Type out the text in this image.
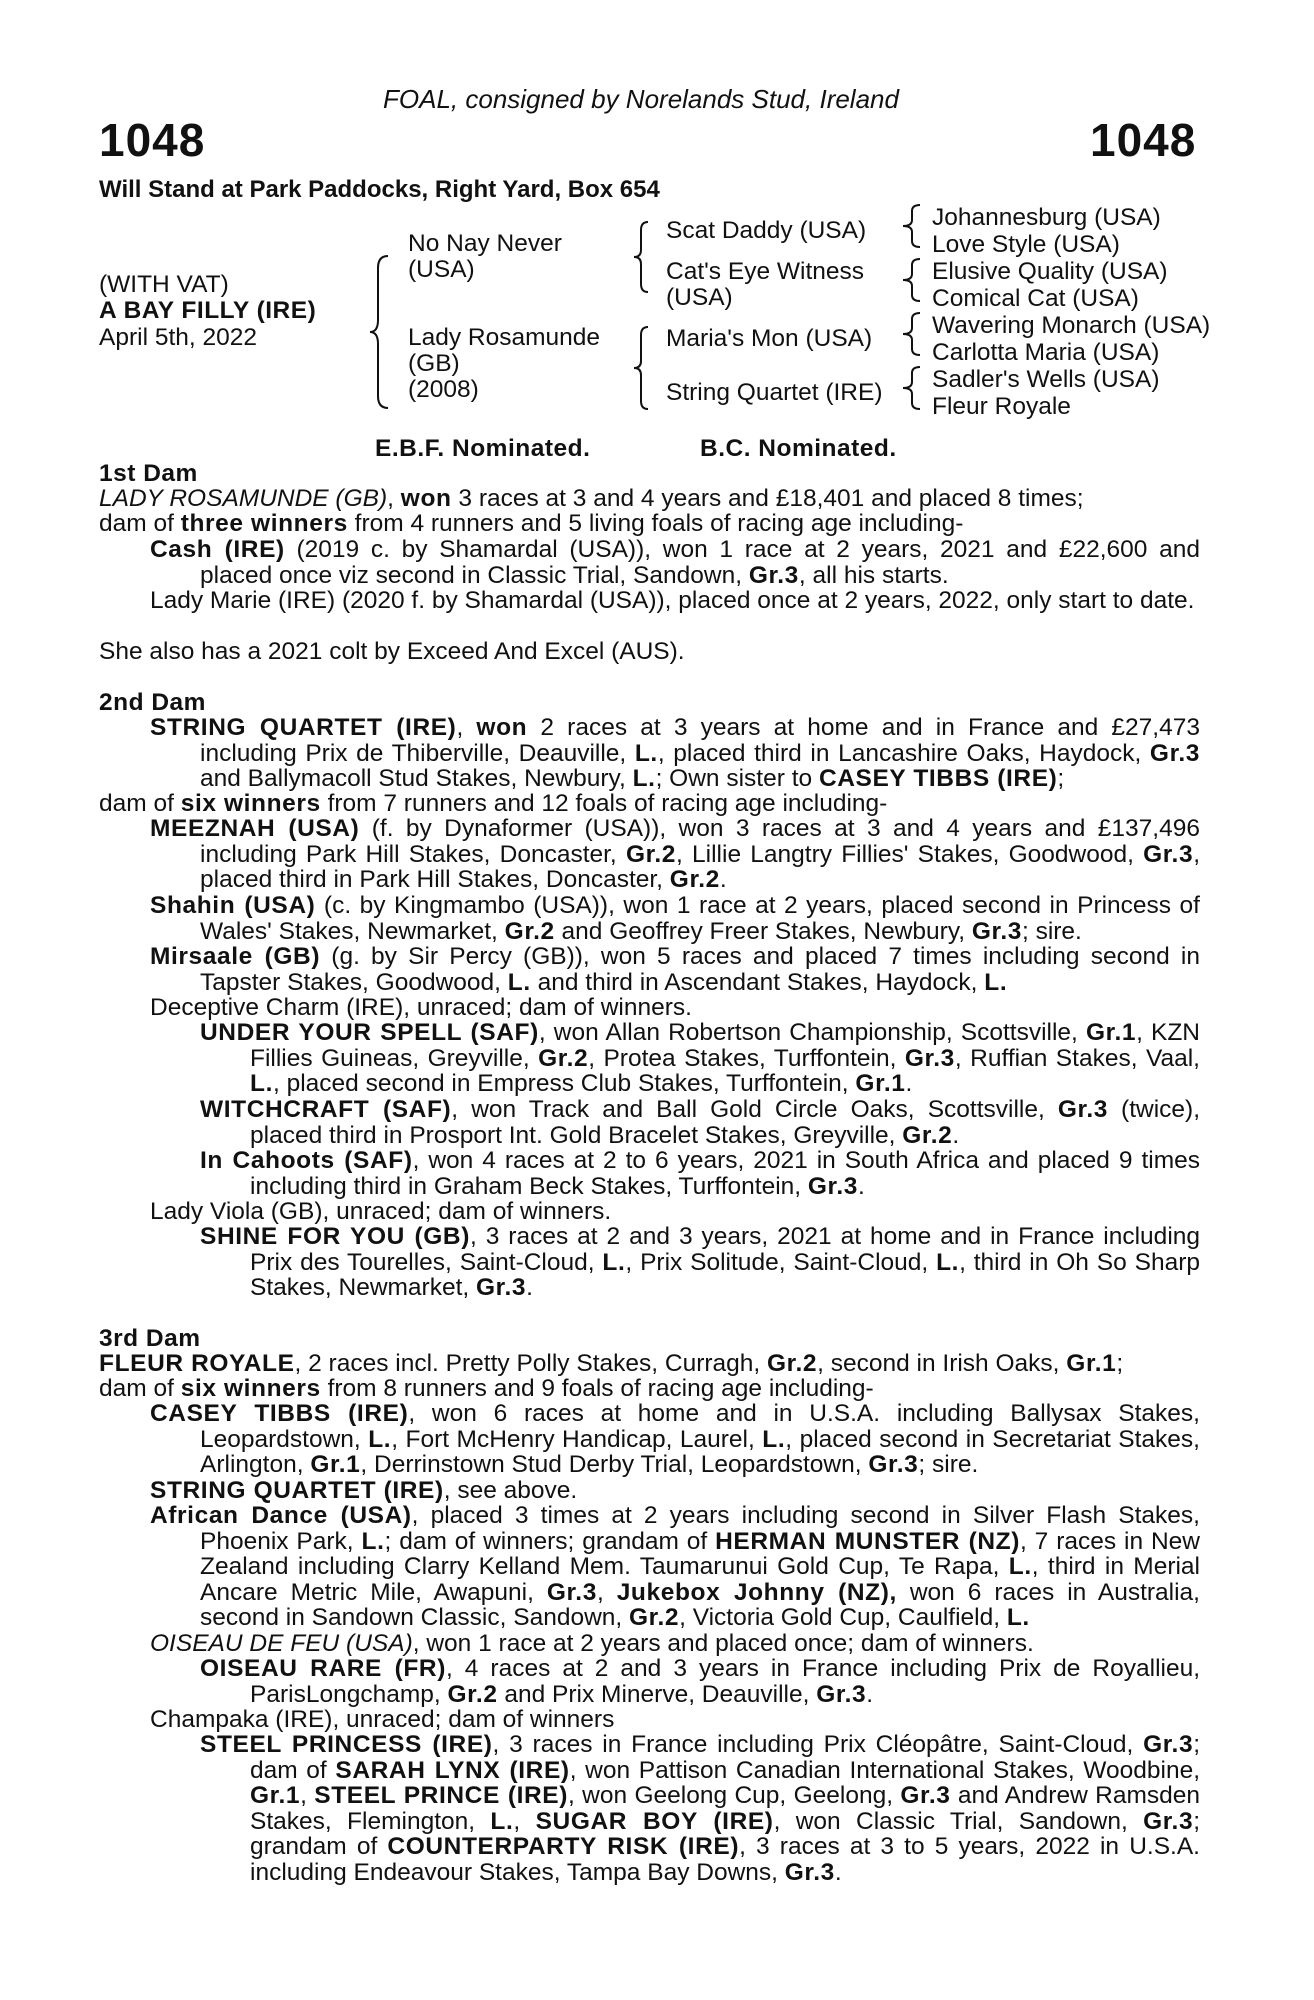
FOAL, consigned by Norelands Stud, Ireland
1048	1048
Will Stand at Park Paddocks, Right Yard, Box 654
(WITH VAT)
A BAY FILLY (IRE)
April 5th, 2022
No Nay Never
(USA)
Lady Rosamunde
(GB)
(2008)
Scat Daddy (USA)
Cat's Eye Witness
(USA)
Maria's Mon (USA)
String Quartet (IRE)
Johannesburg (USA)
Love Style (USA)
Elusive Quality (USA)
Comical Cat (USA)
Wavering Monarch (USA)
Carlotta Maria (USA)
Sadler's Wells (USA)
Fleur Royale
E.B.F. Nominated.	B.C. Nominated.
1st Dam
LADY ROSAMUNDE (GB), won 3 races at 3 and 4 years and £18,401 and placed 8 times;
dam of three winners from 4 runners and 5 living foals of racing age including-
Cash (IRE) (2019 c. by Shamardal (USA)), won 1 race at 2 years, 2021 and £22,600 and placed once viz second in Classic Trial, Sandown, Gr.3, all his starts.
Lady Marie (IRE) (2020 f. by Shamardal (USA)), placed once at 2 years, 2022, only start to date.
She also has a 2021 colt by Exceed And Excel (AUS).
2nd Dam
STRING QUARTET (IRE), won 2 races at 3 years at home and in France and £27,473 including Prix de Thiberville, Deauville, L., placed third in Lancashire Oaks, Haydock, Gr.3 and Ballymacoll Stud Stakes, Newbury, L.; Own sister to CASEY TIBBS (IRE);
dam of six winners from 7 runners and 12 foals of racing age including-
MEEZNAH (USA) (f. by Dynaformer (USA)), won 3 races at 3 and 4 years and £137,496 including Park Hill Stakes, Doncaster, Gr.2, Lillie Langtry Fillies' Stakes, Goodwood, Gr.3, placed third in Park Hill Stakes, Doncaster, Gr.2.
Shahin (USA) (c. by Kingmambo (USA)), won 1 race at 2 years, placed second in Princess of Wales' Stakes, Newmarket, Gr.2 and Geoffrey Freer Stakes, Newbury, Gr.3; sire.
Mirsaale (GB) (g. by Sir Percy (GB)), won 5 races and placed 7 times including second in Tapster Stakes, Goodwood, L. and third in Ascendant Stakes, Haydock, L.
Deceptive Charm (IRE), unraced; dam of winners.
UNDER YOUR SPELL (SAF), won Allan Robertson Championship, Scottsville, Gr.1, KZN Fillies Guineas, Greyville, Gr.2, Protea Stakes, Turffontein, Gr.3, Ruffian Stakes, Vaal, L., placed second in Empress Club Stakes, Turffontein, Gr.1.
WITCHCRAFT (SAF), won Track and Ball Gold Circle Oaks, Scottsville, Gr.3 (twice), placed third in Prosport Int. Gold Bracelet Stakes, Greyville, Gr.2.
In Cahoots (SAF), won 4 races at 2 to 6 years, 2021 in South Africa and placed 9 times including third in Graham Beck Stakes, Turffontein, Gr.3.
Lady Viola (GB), unraced; dam of winners.
SHINE FOR YOU (GB), 3 races at 2 and 3 years, 2021 at home and in France including Prix des Tourelles, Saint-Cloud, L., Prix Solitude, Saint-Cloud, L., third in Oh So Sharp Stakes, Newmarket, Gr.3.
3rd Dam
FLEUR ROYALE, 2 races incl. Pretty Polly Stakes, Curragh, Gr.2, second in Irish Oaks, Gr.1;
dam of six winners from 8 runners and 9 foals of racing age including-
CASEY TIBBS (IRE), won 6 races at home and in U.S.A. including Ballysax Stakes, Leopardstown, L., Fort McHenry Handicap, Laurel, L., placed second in Secretariat Stakes, Arlington, Gr.1, Derrinstown Stud Derby Trial, Leopardstown, Gr.3; sire.
STRING QUARTET (IRE), see above.
African Dance (USA), placed 3 times at 2 years including second in Silver Flash Stakes, Phoenix Park, L.; dam of winners; grandam of HERMAN MUNSTER (NZ), 7 races in New Zealand including Clarry Kelland Mem. Taumarunui Gold Cup, Te Rapa, L., third in Merial Ancare Metric Mile, Awapuni, Gr.3, Jukebox Johnny (NZ), won 6 races in Australia, second in Sandown Classic, Sandown, Gr.2, Victoria Gold Cup, Caulfield, L.
OISEAU DE FEU (USA), won 1 race at 2 years and placed once; dam of winners.
OISEAU RARE (FR), 4 races at 2 and 3 years in France including Prix de Royallieu, ParisLongchamp, Gr.2 and Prix Minerve, Deauville, Gr.3.
Champaka (IRE), unraced; dam of winners
STEEL PRINCESS (IRE), 3 races in France including Prix Cléopâtre, Saint-Cloud, Gr.3; dam of SARAH LYNX (IRE), won Pattison Canadian International Stakes, Woodbine, Gr.1, STEEL PRINCE (IRE), won Geelong Cup, Geelong, Gr.3 and Andrew Ramsden Stakes, Flemington, L., SUGAR BOY (IRE), won Classic Trial, Sandown, Gr.3; grandam of COUNTERPARTY RISK (IRE), 3 races at 3 to 5 years, 2022 in U.S.A. including Endeavour Stakes, Tampa Bay Downs, Gr.3.
